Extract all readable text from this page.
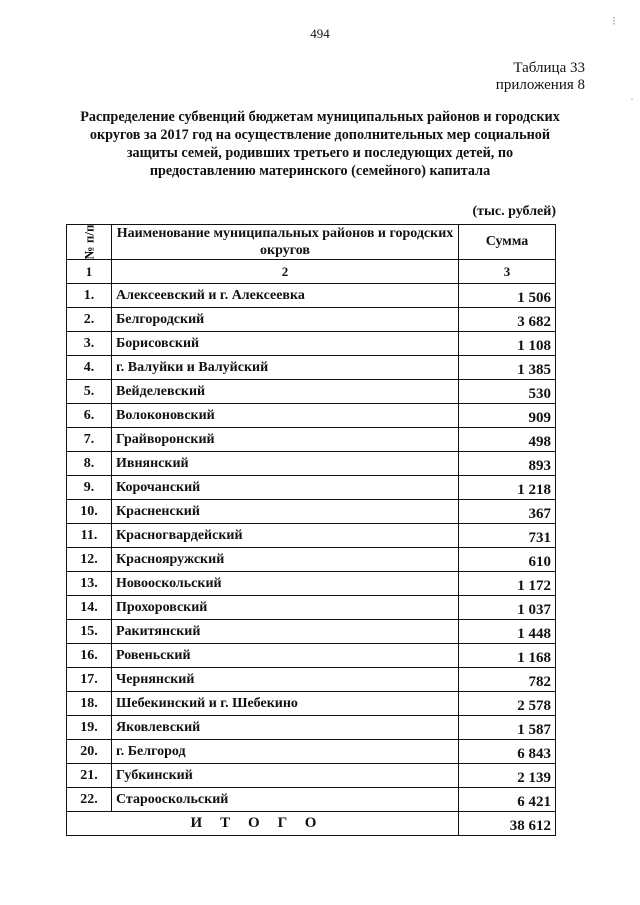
494
Таблица 33
приложения 8
Распределение субвенций бюджетам муниципальных районов и городских округов за 2017 год на осуществление дополнительных мер социальной защиты семей, родивших третьего и последующих детей, по предоставлению материнского (семейного) капитала
(тыс. рублей)
№ п/п	Наименование муниципальных районов и городских округов	Сумма
1	2	3
1.	Алексеевский и г. Алексеевка	1 506
2.	Белгородский	3 682
3.	Борисовский	1 108
4.	г. Валуйки и Валуйский	1 385
5.	Вейделевский	530
6.	Волоконовский	909
7.	Грайворонский	498
8.	Ивнянский	893
9.	Корочанский	1 218
10.	Красненский	367
11.	Красногвардейский	731
12.	Краснояружский	610
13.	Новооскольский	1 172
14.	Прохоровский	1 037
15.	Ракитянский	1 448
16.	Ровеньский	1 168
17.	Чернянский	782
18.	Шебекинский и г. Шебекино	2 578
19.	Яковлевский	1 587
20.	г. Белгород	6 843
21.	Губкинский	2 139
22.	Старооскольский	6 421
ИТОГО		38 612
⁝
·
